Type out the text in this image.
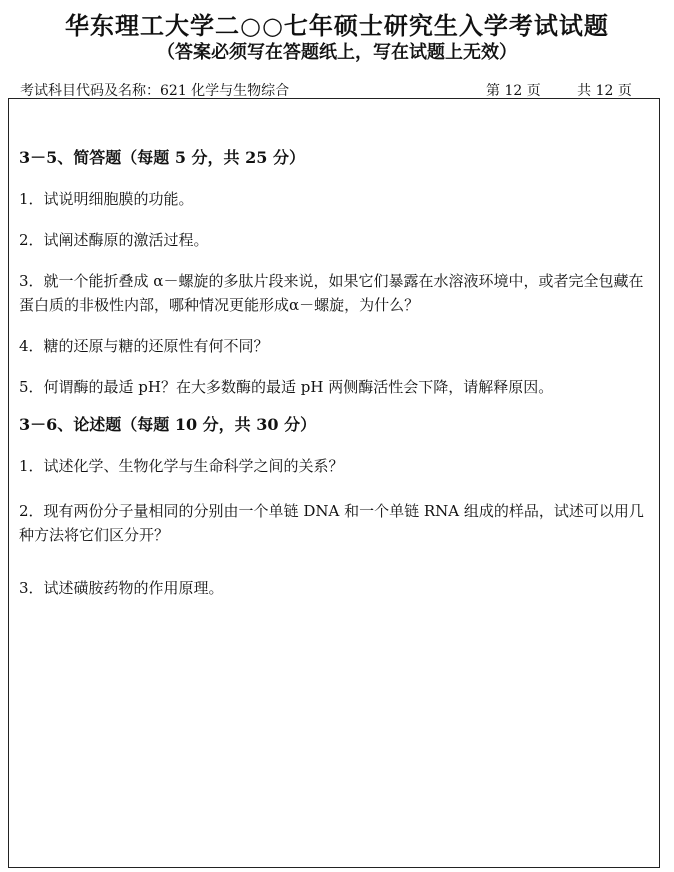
华东理工大学二○○七年硕士研究生入学考试试题
（答案必须写在答题纸上，写在试题上无效）
考试科目代码及名称：621 化学与生物综合	第 12 页	共 12 页

3－5、简答题（每题 5 分，共 25 分）

1．试说明细胞膜的功能。

2．试阐述酶原的激活过程。

3．就一个能折叠成 α－螺旋的多肽片段来说，如果它们暴露在水溶液环境中，或者完全包藏在蛋白质的非极性内部，哪种情况更能形成α－螺旋，为什么？

4．糖的还原与糖的还原性有何不同？

5．何谓酶的最适 pH？在大多数酶的最适 pH 两侧酶活性会下降，请解释原因。

3－6、论述题（每题 10 分，共 30 分）

1．试述化学、生物化学与生命科学之间的关系？

2．现有两份分子量相同的分别由一个单链 DNA 和一个单链 RNA 组成的样品，试述可以用几种方法将它们区分开？

3．试述磺胺药物的作用原理。
